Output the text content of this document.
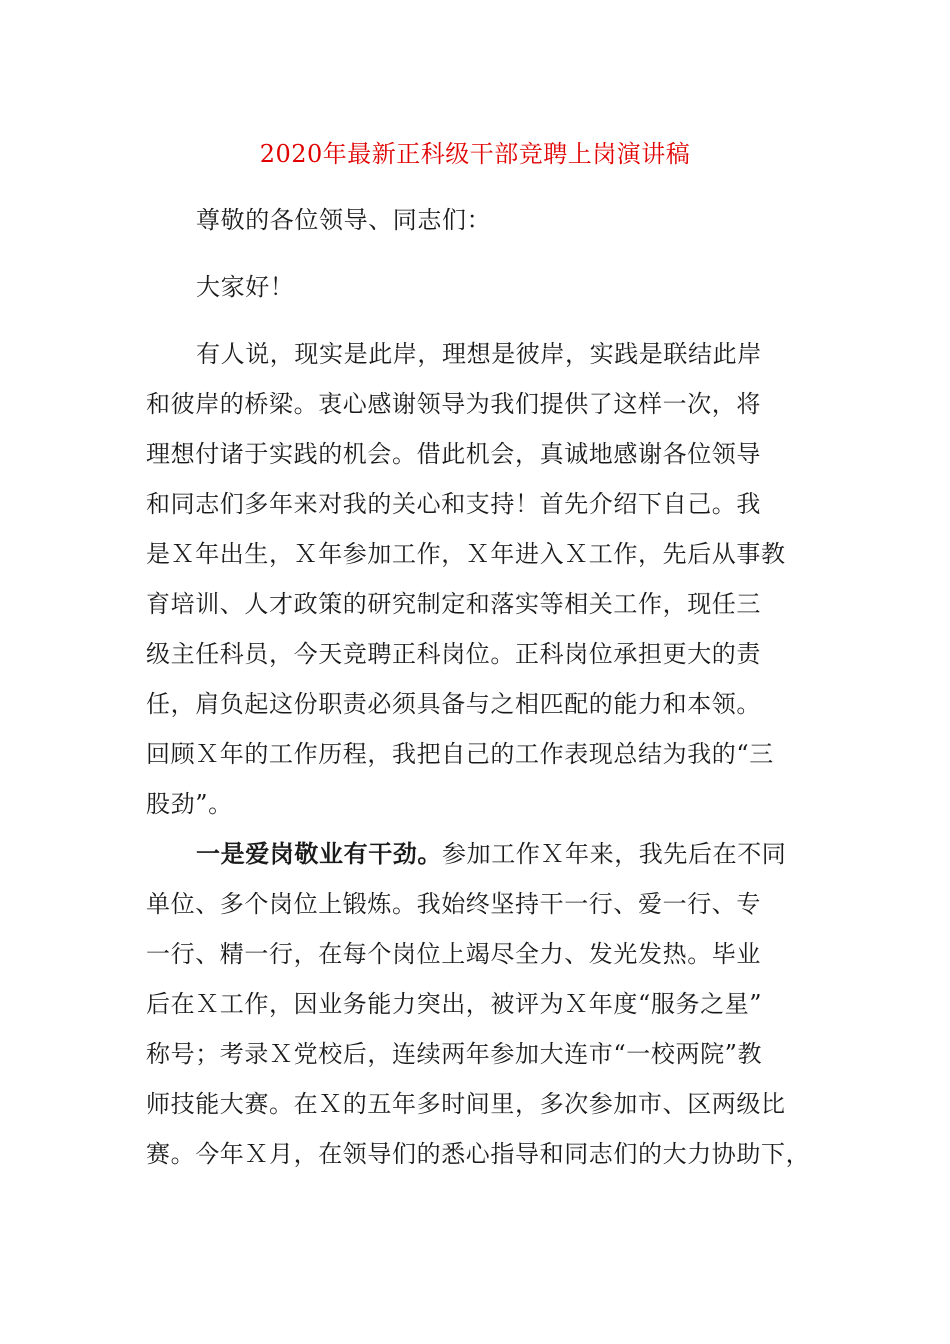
2020年最新正科级干部竞聘上岗演讲稿
尊敬的各位领导、同志们：
大家好！
有人说，现实是此岸，理想是彼岸，实践是联结此岸
和彼岸的桥梁。衷心感谢领导为我们提供了这样一次，将
理想付诸于实践的机会。借此机会，真诚地感谢各位领导
和同志们多年来对我的关心和支持！首先介绍下自己。我
是Ｘ年出生，Ｘ年参加工作，Ｘ年进入Ｘ工作，先后从事教
育培训、人才政策的研究制定和落实等相关工作，现任三
级主任科员，今天竞聘正科岗位。正科岗位承担更大的责
任，肩负起这份职责必须具备与之相匹配的能力和本领。
回顾Ｘ年的工作历程，我把自己的工作表现总结为我的“三
股劲”。
一是爱岗敬业有干劲。参加工作Ｘ年来，我先后在不同
单位、多个岗位上锻炼。我始终坚持干一行、爱一行、专
一行、精一行，在每个岗位上竭尽全力、发光发热。毕业
后在Ｘ工作，因业务能力突出，被评为Ｘ年度“服务之星”
称号；考录Ｘ党校后，连续两年参加大连市“一校两院”教
师技能大赛。在Ｘ的五年多时间里，多次参加市、区两级比
赛。今年Ｘ月，在领导们的悉心指导和同志们的大力协助下，
